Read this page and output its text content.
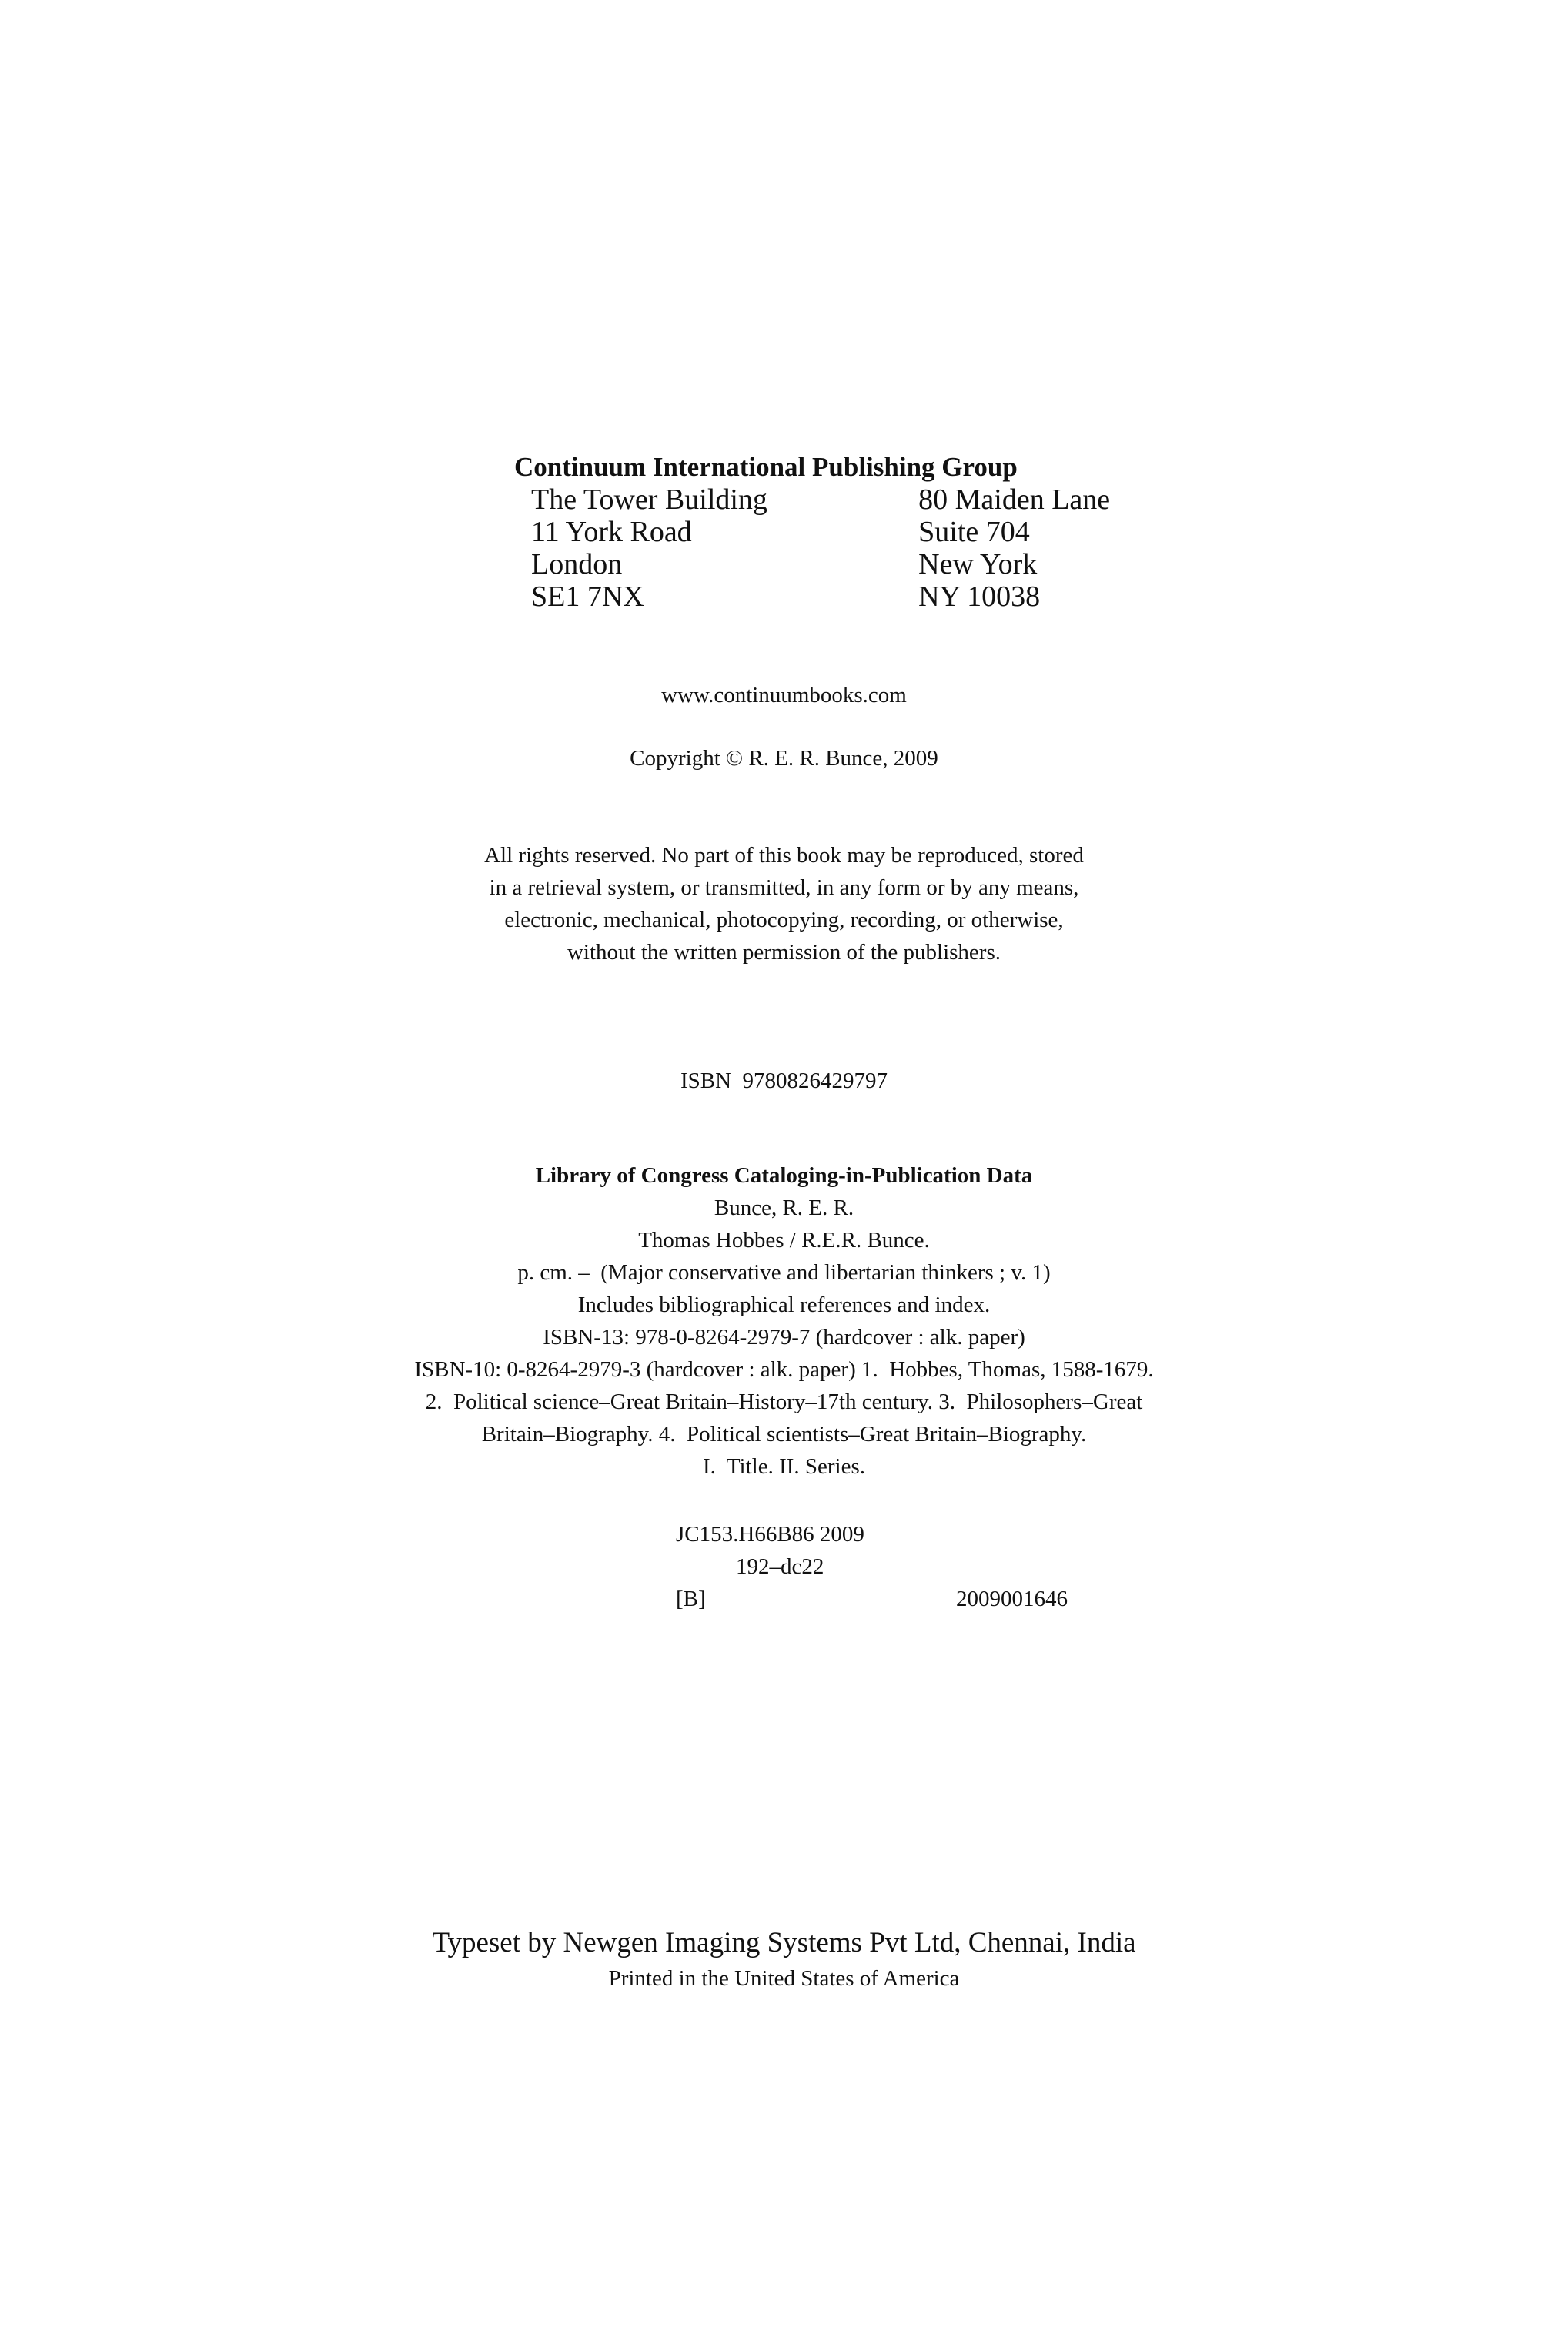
Continuum International Publishing Group
The Tower Building
11 York Road
London
SE1 7NX
80 Maiden Lane
Suite 704
New York
NY 10038
www.continuumbooks.com
Copyright © R. E. R. Bunce, 2009
All rights reserved. No part of this book may be reproduced, stored
in a retrieval system, or transmitted, in any form or by any means,
electronic, mechanical, photocopying, recording, or otherwise,
without the written permission of the publishers.
ISBN  9780826429797
Library of Congress Cataloging-in-Publication Data
Bunce, R. E. R.
Thomas Hobbes / R.E.R. Bunce.
p. cm. –  (Major conservative and libertarian thinkers ; v. 1)
Includes bibliographical references and index.
ISBN-13: 978-0-8264-2979-7 (hardcover : alk. paper)
ISBN-10: 0-8264-2979-3 (hardcover : alk. paper) 1.  Hobbes, Thomas, 1588-1679.
2.  Political science–Great Britain–History–17th century. 3.  Philosophers–Great
Britain–Biography. 4.  Political scientists–Great Britain–Biography.
I.  Title. II. Series.
JC153.H66B86 2009
192–dc22
[B]	2009001646
Typeset by Newgen Imaging Systems Pvt Ltd, Chennai, India
Printed in the United States of America
